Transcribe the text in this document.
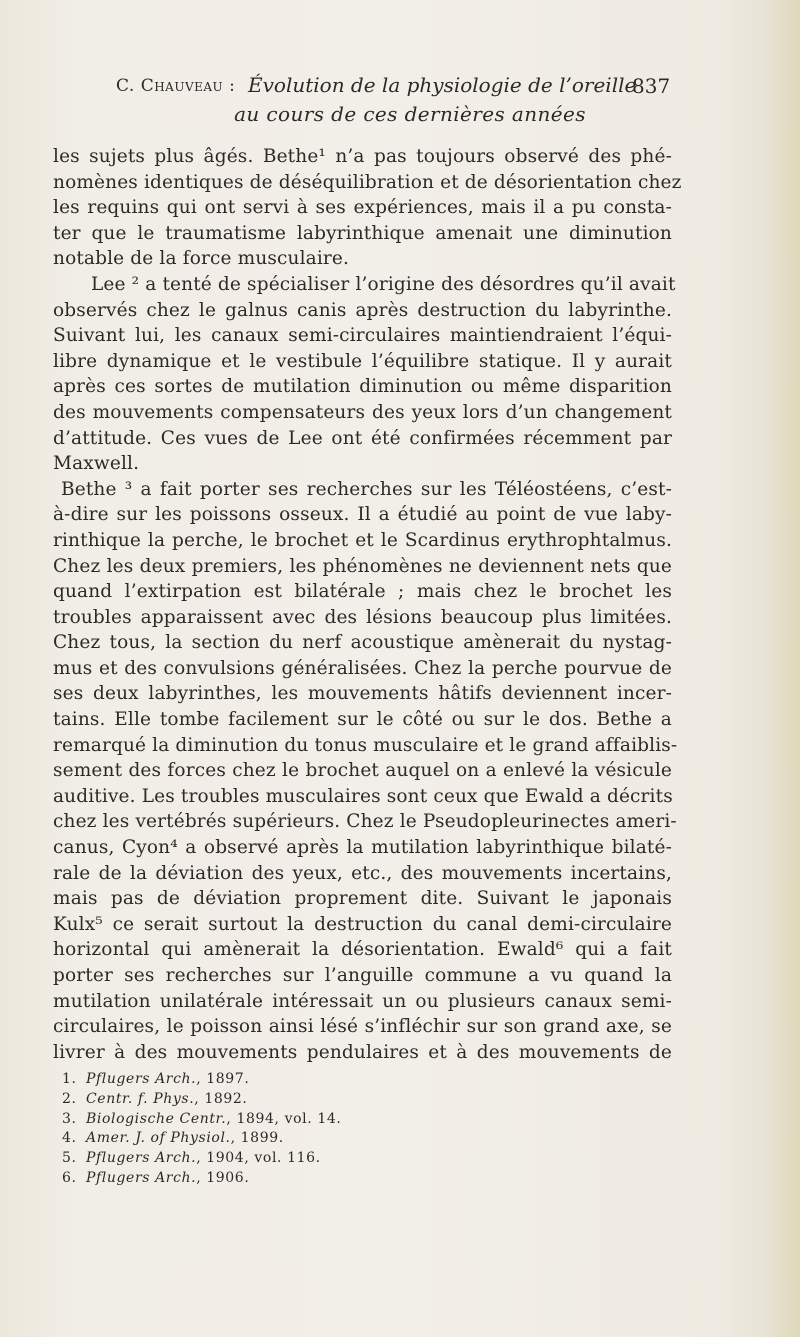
C. Chauveau : Évolution de la physiologie de l’oreille
837
au cours de ces dernières années
les sujets plus âgés. Bethe¹ n’a pas toujours observé des phé-
nomènes identiques de déséquilibration et de désorientation chez
les requins qui ont servi à ses expériences, mais il a pu consta-
ter que le traumatisme labyrinthique amenait une diminution
notable de la force musculaire.
Lee ² a tenté de spécialiser l’origine des désordres qu’il avait
observés chez le galnus canis après destruction du labyrinthe.
Suivant lui, les canaux semi-circulaires maintiendraient l’équi-
libre dynamique et le vestibule l’équilibre statique. Il y aurait
après ces sortes de mutilation diminution ou même disparition
des mouvements compensateurs des yeux lors d’un changement
d’attitude. Ces vues de Lee ont été confirmées récemment par
Maxwell.
Bethe ³ a fait porter ses recherches sur les Téléostéens, c’est-
à-dire sur les poissons osseux. Il a étudié au point de vue laby-
rinthique la perche, le brochet et le Scardinus erythrophtalmus.
Chez les deux premiers, les phénomènes ne deviennent nets que
quand l’extirpation est bilatérale ; mais chez le brochet les
troubles apparaissent avec des lésions beaucoup plus limitées.
Chez tous, la section du nerf acoustique amènerait du nystag-
mus et des convulsions généralisées. Chez la perche pourvue de
ses deux labyrinthes, les mouvements hâtifs deviennent incer-
tains. Elle tombe facilement sur le côté ou sur le dos. Bethe a
remarqué la diminution du tonus musculaire et le grand affaiblis-
sement des forces chez le brochet auquel on a enlevé la vésicule
auditive. Les troubles musculaires sont ceux que Ewald a décrits
chez les vertébrés supérieurs. Chez le Pseudopleurinectes ameri-
canus, Cyon⁴ a observé après la mutilation labyrinthique bilaté-
rale de la déviation des yeux, etc., des mouvements incertains,
mais pas de déviation proprement dite. Suivant le japonais
Kulx⁵ ce serait surtout la destruction du canal demi-circulaire
horizontal qui amènerait la désorientation. Ewald⁶ qui a fait
porter ses recherches sur l’anguille commune a vu quand la
mutilation unilatérale intéressait un ou plusieurs canaux semi-
circulaires, le poisson ainsi lésé s’infléchir sur son grand axe, se
livrer à des mouvements pendulaires et à des mouvements de
1. Pflugers Arch., 1897.
2. Centr. f. Phys., 1892.
3. Biologische Centr., 1894, vol. 14.
4. Amer. J. of Physiol., 1899.
5. Pflugers Arch., 1904, vol. 116.
6. Pflugers Arch., 1906.
